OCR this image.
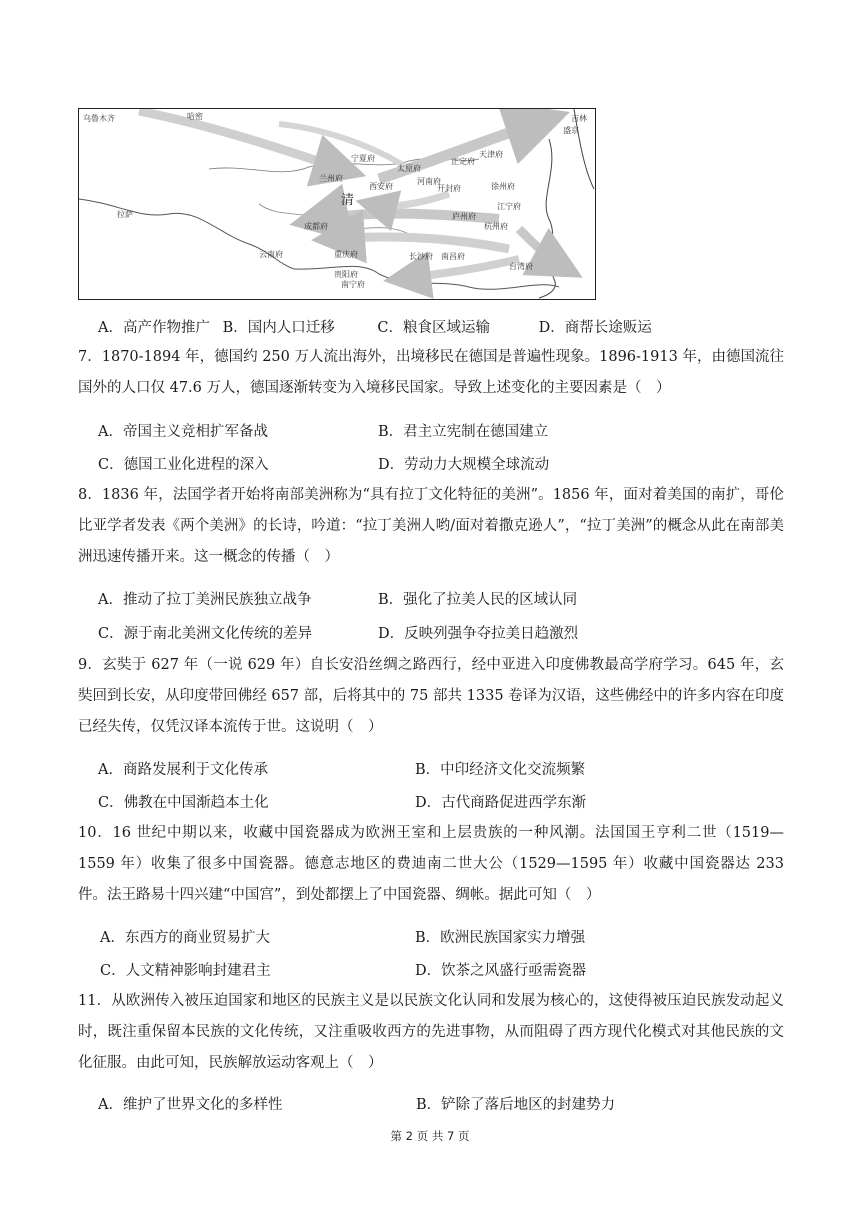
乌鲁木齐	哈密
兰州府
宁夏府
太原府
河南府
西安府	开封府
清
拉萨
成都府
重庆府	长沙府 南昌府
江宁府
杭州府
徐州府
庐州府
天津府
正定府
吉林
盛京
贵阳府
云南府
南宁府
台湾府
A．高产作物推广 B．国内人口迁移	C．粮食区域运输	D．商帮长途贩运

7．1870-1894 年，德国约 250 万人流出海外，出境移民在德国是普遍性现象。1896-1913 年，由德国流往国外的人口仅 47.6 万人，德国逐渐转变为入境移民国家。导致上述变化的主要因素是（　）

A．帝国主义竞相扩军备战	B．君主立宪制在德国建立
C．德国工业化进程的深入	D．劳动力大规模全球流动

8．1836 年，法国学者开始将南部美洲称为“具有拉丁文化特征的美洲”。1856 年，面对着美国的南扩，哥伦比亚学者发表《两个美洲》的长诗，吟道：“拉丁美洲人哟/面对着撒克逊人”，“拉丁美洲”的概念从此在南部美洲迅速传播开来。这一概念的传播（　）

A．推动了拉丁美洲民族独立战争	B．强化了拉美人民的区域认同
C．源于南北美洲文化传统的差异	D．反映列强争夺拉美日趋激烈

9．玄奘于 627 年（一说 629 年）自长安沿丝绸之路西行，经中亚进入印度佛教最高学府学习。645 年，玄奘回到长安，从印度带回佛经 657 部，后将其中的 75 部共 1335 卷译为汉语，这些佛经中的许多内容在印度已经失传，仅凭汉译本流传于世。这说明（　）

A．商路发展利于文化传承	B．中印经济文化交流频繁
C．佛教在中国渐趋本土化	D．古代商路促进西学东渐

10．16 世纪中期以来，收藏中国瓷器成为欧洲王室和上层贵族的一种风潮。法国国王亨利二世（1519—1559 年）收集了很多中国瓷器。德意志地区的费迪南二世大公（1529—1595 年）收藏中国瓷器达 233 件。法王路易十四兴建“中国宫”，到处都摆上了中国瓷器、绸帐。据此可知（　）

A．东西方的商业贸易扩大	B．欧洲民族国家实力增强
C．人文精神影响封建君主	D．饮茶之风盛行亟需瓷器

11．从欧洲传入被压迫国家和地区的民族主义是以民族文化认同和发展为核心的，这使得被压迫民族发动起义时，既注重保留本民族的文化传统，又注重吸收西方的先进事物，从而阻碍了西方现代化模式对其他民族的文化征服。由此可知，民族解放运动客观上（　）

A．维护了世界文化的多样性	B．铲除了落后地区的封建势力
第 2 页 共 7 页
